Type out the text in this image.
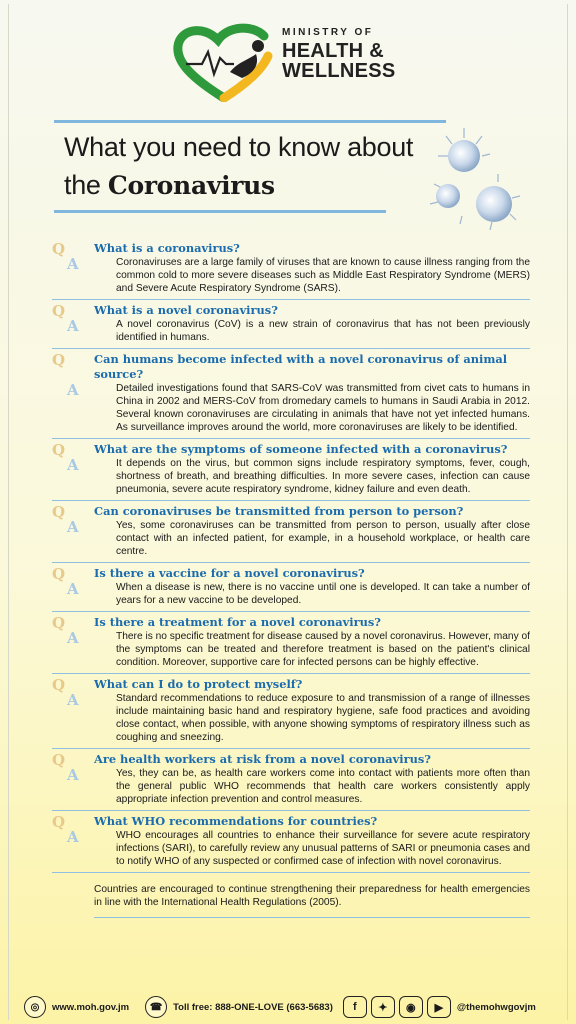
MINISTRY OF
HEALTH &
WELLNESS
What you need to know about
the Coronavirus
Q
A
What is a coronavirus?
Coronaviruses are a large family of viruses that are known to cause illness ranging from the common cold to more severe diseases such as Middle East Respiratory Syndrome (MERS) and Severe Acute Respiratory Syndrome (SARS).
Q
A
What is a novel coronavirus?
A novel coronavirus (CoV) is a new strain of coronavirus that has not been previously identified in humans.
Q
A
Can humans become infected with a novel coronavirus of animal source?
Detailed investigations found that SARS-CoV was transmitted from civet cats to humans in China in 2002 and MERS-CoV from dromedary camels to humans in Saudi Arabia in 2012. Several known coronaviruses are circulating in animals that have not yet infected humans. As surveillance improves around the world, more coronaviruses are likely to be identified.
Q
A
What are the symptoms of someone infected with a coronavirus?
It depends on the virus, but common signs include respiratory symptoms, fever, cough, shortness of breath, and breathing difficulties. In more severe cases, infection can cause pneumonia, severe acute respiratory syndrome, kidney failure and even death.
Q
A
Can coronaviruses be transmitted from person to person?
Yes, some coronaviruses can be transmitted from person to person, usually after close contact with an infected patient, for example, in a household workplace, or health care centre.
Q
A
Is there a vaccine for a novel coronavirus?
When a disease is new, there is no vaccine until one is developed. It can take a number of years for a new vaccine to be developed.
Q
A
Is there a treatment for a novel coronavirus?
There is no specific treatment for disease caused by a novel coronavirus. However, many of the symptoms can be treated and therefore treatment is based on the patient's clinical condition. Moreover, supportive care for infected persons can be highly effective.
Q
A
What can I do to protect myself?
Standard recommendations to reduce exposure to and transmission of a range of illnesses include maintaining basic hand and respiratory hygiene, safe food practices and avoiding close contact, when possible, with anyone showing symptoms of respiratory illness such as coughing and sneezing.
Q
A
Are health workers at risk from a novel coronavirus?
Yes, they can be, as health care workers come into contact with patients more often than the general public WHO recommends that health care workers consistently apply appropriate infection prevention and control measures.
Q
A
What WHO recommendations for countries?
WHO encourages all countries to enhance their surveillance for severe acute respiratory infections (SARI), to carefully review any unusual patterns of SARI or pneumonia cases and to notify WHO of any suspected or confirmed case of infection with novel coronavirus.
Countries are encouraged to continue strengthening their preparedness for health emergencies in line with the International Health Regulations (2005).
◎	www.moh.gov.jm	☎	Toll free: 888-ONE-LOVE (663-5683)	f	✦	◉	▶	@themohwgovjm
